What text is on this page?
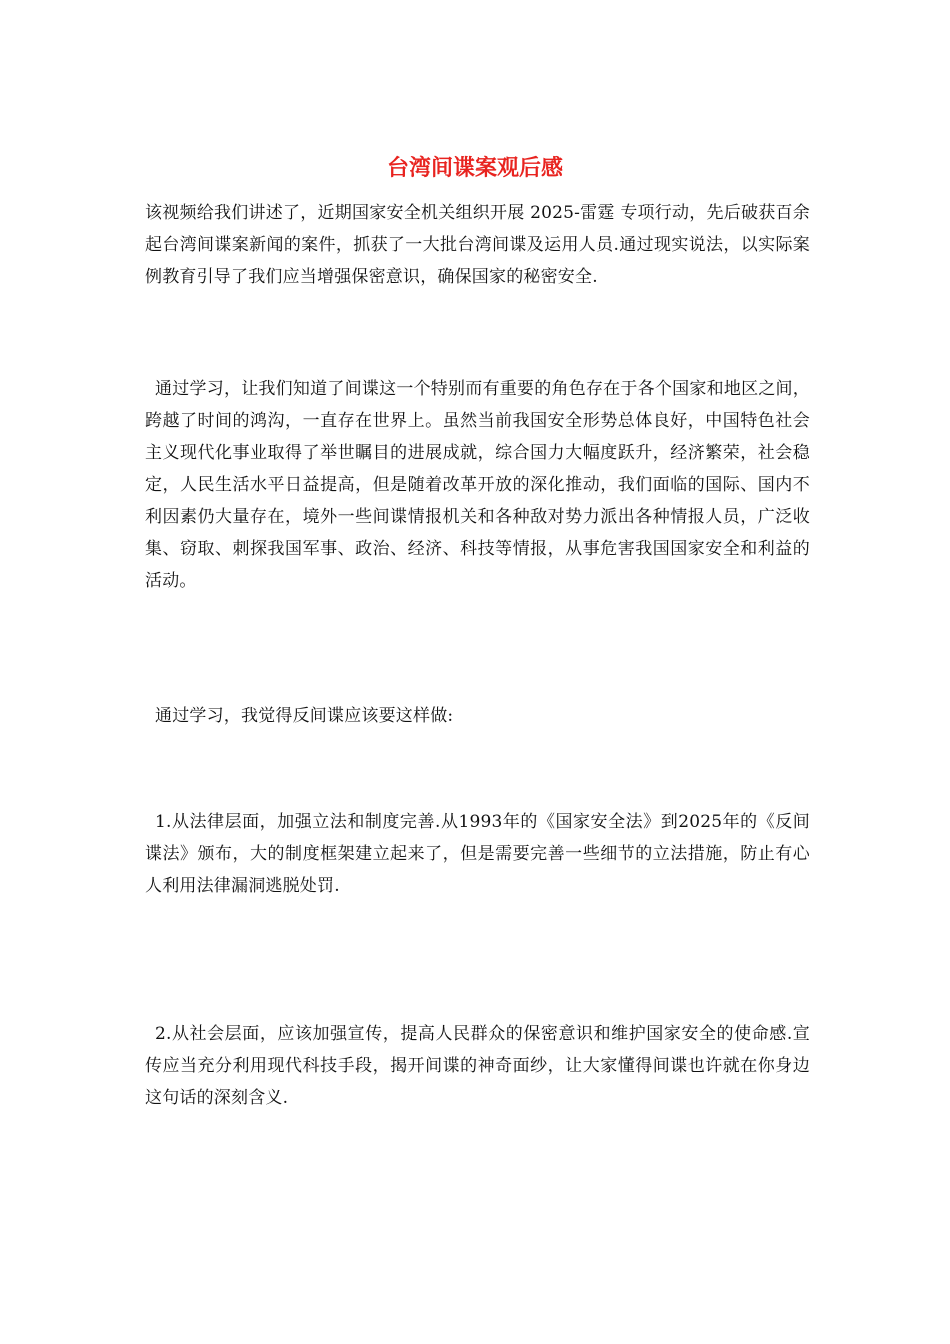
台湾间谍案观后感

该视频给我们讲述了，近期国家安全机关组织开展 2025-雷霆 专项行动，先后破获百余起台湾间谍案新闻的案件，抓获了一大批台湾间谍及运用人员.通过现实说法，以实际案例教育引导了我们应当增强保密意识，确保国家的秘密安全.

通过学习，让我们知道了间谍这一个特别而有重要的角色存在于各个国家和地区之间，跨越了时间的鸿沟，一直存在世界上。虽然当前我国安全形势总体良好，中国特色社会主义现代化事业取得了举世瞩目的进展成就，综合国力大幅度跃升，经济繁荣，社会稳定，人民生活水平日益提高，但是随着改革开放的深化推动，我们面临的国际、国内不利因素仍大量存在，境外一些间谍情报机关和各种敌对势力派出各种情报人员，广泛收集、窃取、刺探我国军事、政治、经济、科技等情报，从事危害我国国家安全和利益的活动。

通过学习，我觉得反间谍应该要这样做:

1.从法律层面，加强立法和制度完善.从1993年的《国家安全法》到2025年的《反间谍法》颁布，大的制度框架建立起来了，但是需要完善一些细节的立法措施，防止有心人利用法律漏洞逃脱处罚.

2.从社会层面，应该加强宣传，提高人民群众的保密意识和维护国家安全的使命感.宣传应当充分利用现代科技手段，揭开间谍的神奇面纱，让大家懂得间谍也许就在你身边这句话的深刻含义.
